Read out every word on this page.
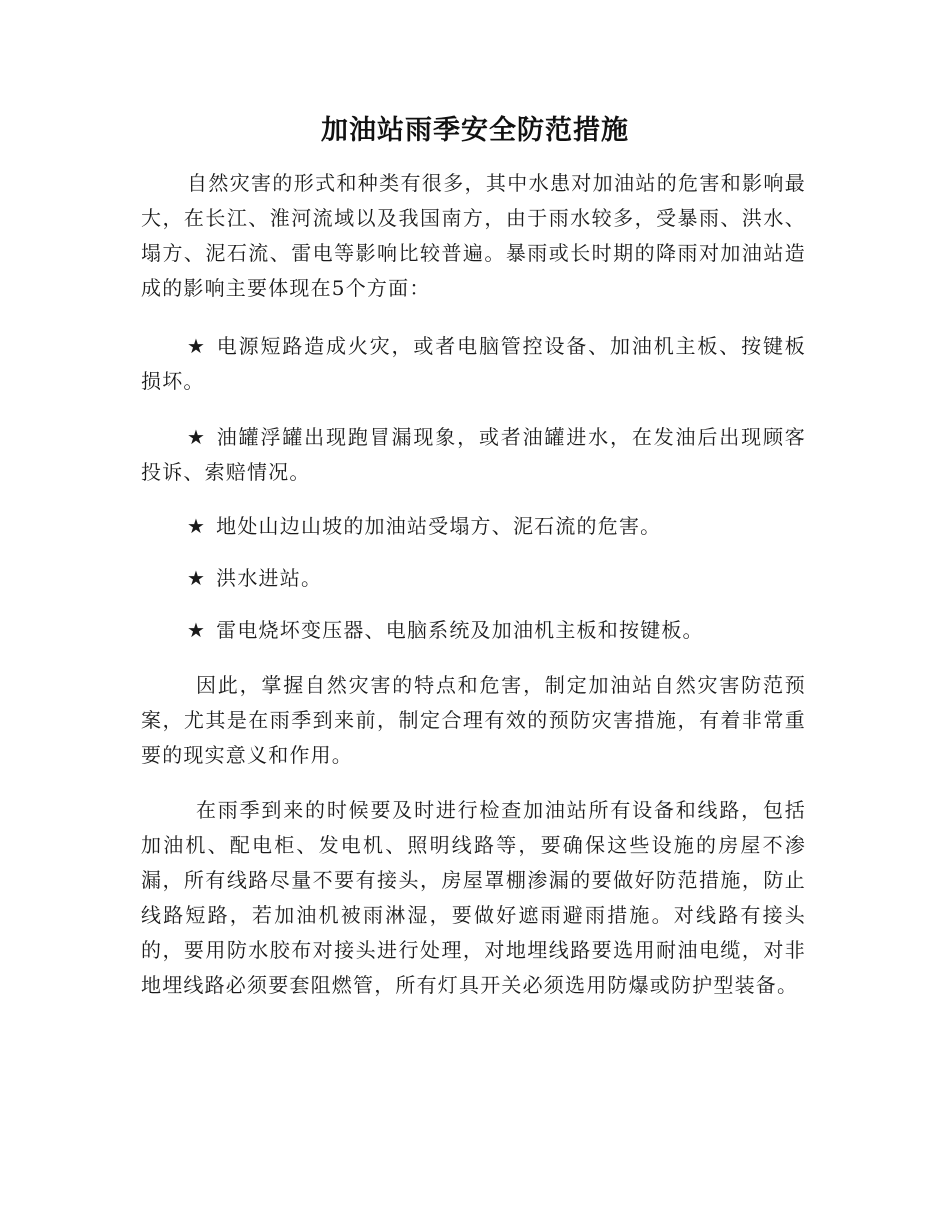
加油站雨季安全防范措施

自然灾害的形式和种类有很多，其中水患对加油站的危害和影响最大，在长江、淮河流域以及我国南方，由于雨水较多，受暴雨、洪水、塌方、泥石流、雷电等影响比较普遍。暴雨或长时期的降雨对加油站造成的影响主要体现在5个方面：

★ 电源短路造成火灾，或者电脑管控设备、加油机主板、按键板损坏。

★ 油罐浮罐出现跑冒漏现象，或者油罐进水，在发油后出现顾客投诉、索赔情况。

★ 地处山边山坡的加油站受塌方、泥石流的危害。

★ 洪水进站。

★ 雷电烧坏变压器、电脑系统及加油机主板和按键板。

因此，掌握自然灾害的特点和危害，制定加油站自然灾害防范预案，尤其是在雨季到来前，制定合理有效的预防灾害措施，有着非常重要的现实意义和作用。

在雨季到来的时候要及时进行检查加油站所有设备和线路，包括加油机、配电柜、发电机、照明线路等，要确保这些设施的房屋不渗漏，所有线路尽量不要有接头，房屋罩棚渗漏的要做好防范措施，防止线路短路，若加油机被雨淋湿，要做好遮雨避雨措施。对线路有接头的，要用防水胶布对接头进行处理，对地埋线路要选用耐油电缆，对非地埋线路必须要套阻燃管，所有灯具开关必须选用防爆或防护型装备。
